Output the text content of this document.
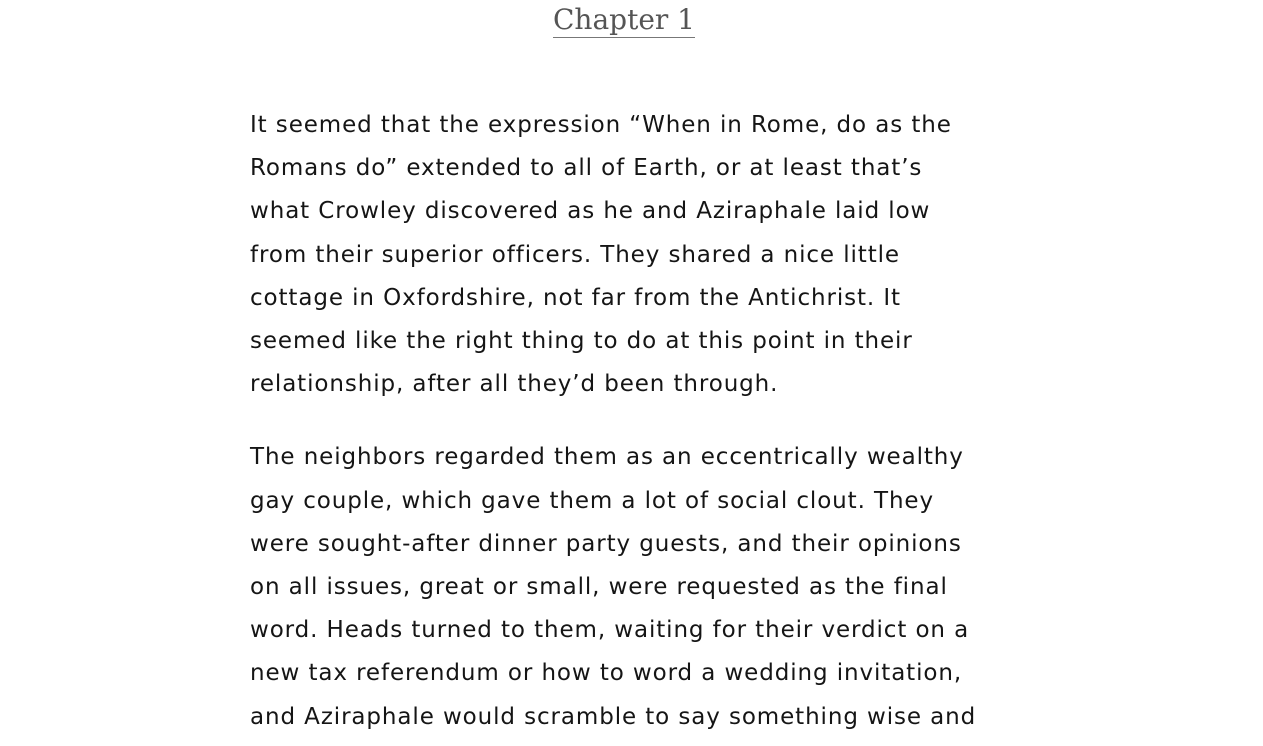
Chapter 1

It seemed that the expression “When in Rome, do as the
Romans do” extended to all of Earth, or at least that’s
what Crowley discovered as he and Aziraphale laid low
from their superior officers. They shared a nice little
cottage in Oxfordshire, not far from the Antichrist. It
seemed like the right thing to do at this point in their
relationship, after all they’d been through.

The neighbors regarded them as an eccentrically wealthy
gay couple, which gave them a lot of social clout. They
were sought-after dinner party guests, and their opinions
on all issues, great or small, were requested as the final
word. Heads turned to them, waiting for their verdict on a
new tax referendum or how to word a wedding invitation,
and Aziraphale would scramble to say something wise and
